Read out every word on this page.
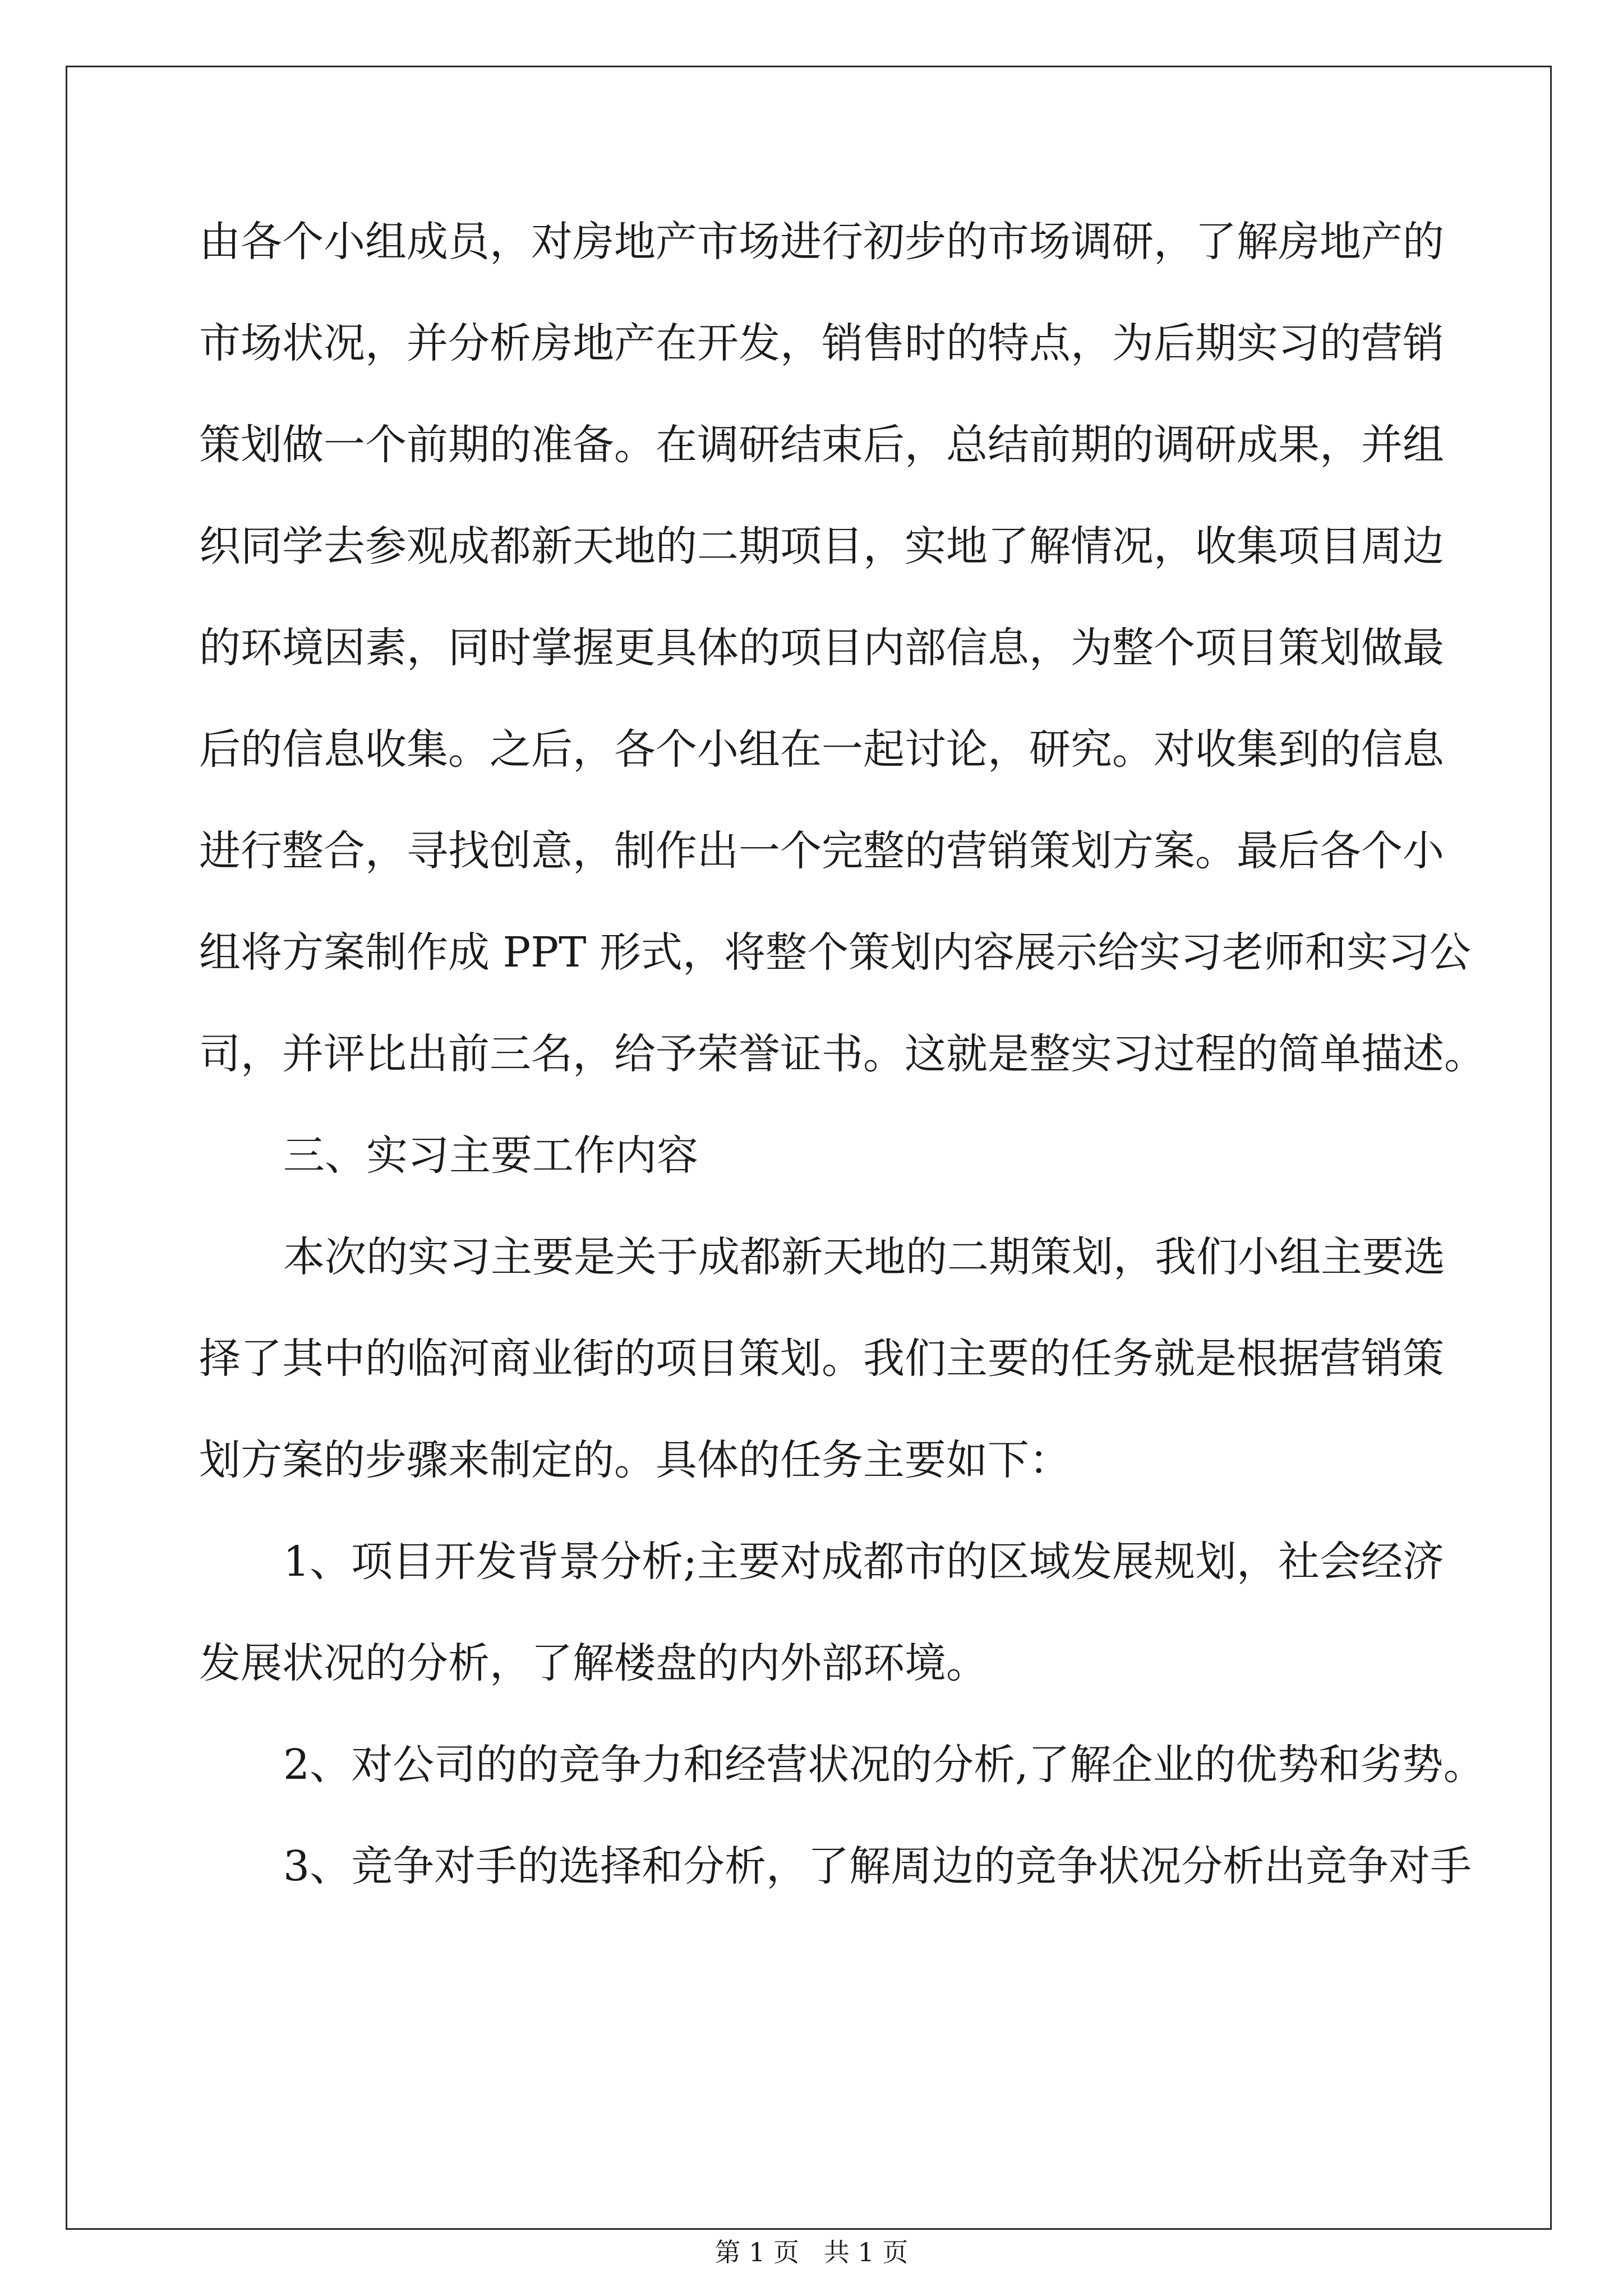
由各个小组成员，对房地产市场进行初步的市场调研，了解房地产的
市场状况，并分析房地产在开发，销售时的特点，为后期实习的营销
策划做一个前期的准备。在调研结束后，总结前期的调研成果，并组
织同学去参观成都新天地的二期项目，实地了解情况，收集项目周边
的环境因素，同时掌握更具体的项目内部信息，为整个项目策划做最
后的信息收集。之后，各个小组在一起讨论，研究。对收集到的信息
进行整合，寻找创意，制作出一个完整的营销策划方案。最后各个小
组将方案制作成 PPT 形式，将整个策划内容展示给实习老师和实习公
司，并评比出前三名，给予荣誉证书。这就是整实习过程的简单描述。
三、实习主要工作内容
本次的实习主要是关于成都新天地的二期策划，我们小组主要选
择了其中的临河商业街的项目策划。我们主要的任务就是根据营销策
划方案的步骤来制定的。具体的任务主要如下：
1、项目开发背景分析;主要对成都市的区域发展规划，社会经济
发展状况的分析，了解楼盘的内外部环境。
2、对公司的的竞争力和经营状况的分析,了解企业的优势和劣势。
3、竞争对手的选择和分析，了解周边的竞争状况分析出竞争对手
第 1 页   共 1 页
